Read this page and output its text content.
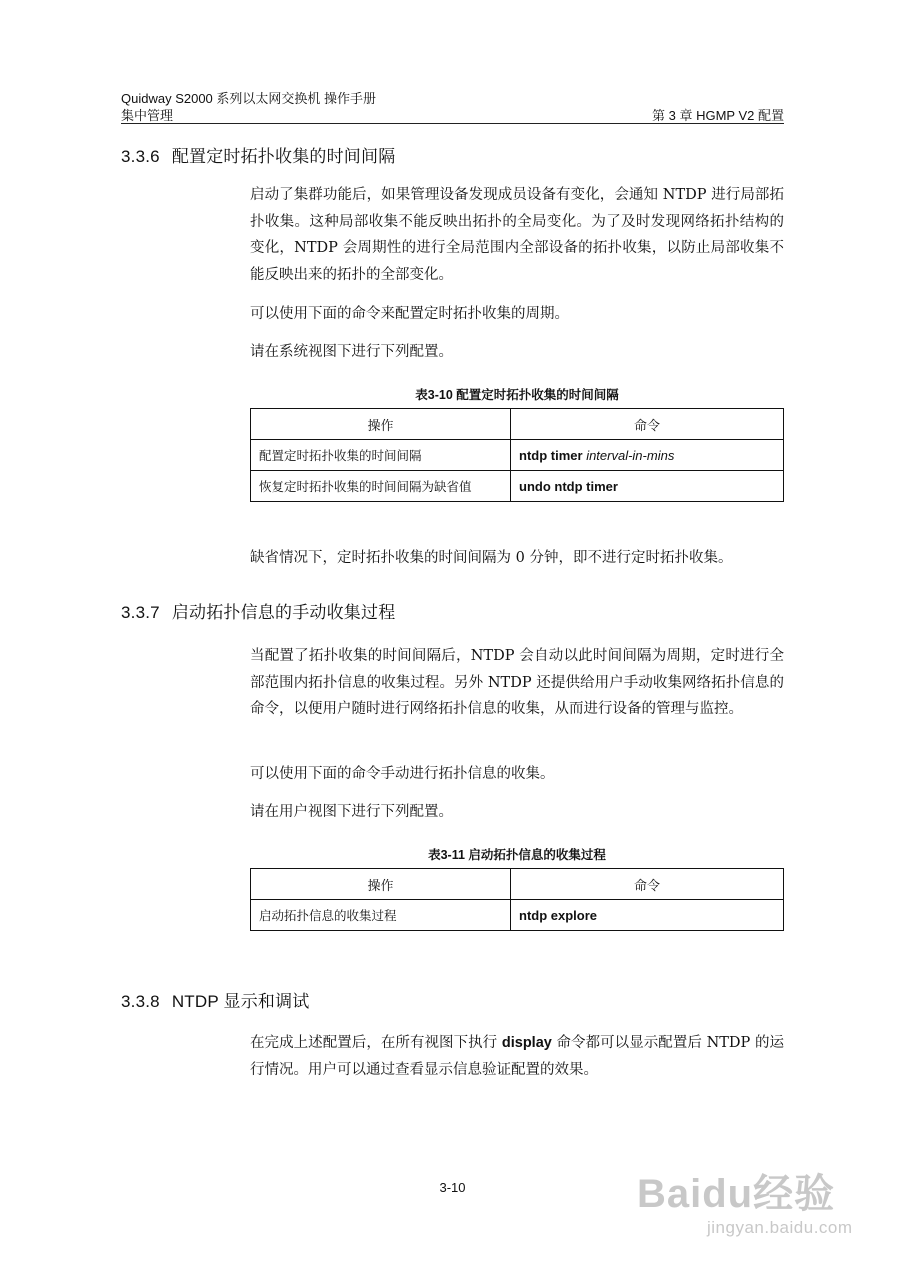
Quidway S2000 系列以太网交换机 操作手册
集中管理	第 3 章 HGMP V2 配置
3.3.6 配置定时拓扑收集的时间间隔

启动了集群功能后，如果管理设备发现成员设备有变化，会通知 NTDP 进行局部拓扑收集。这种局部收集不能反映出拓扑的全局变化。为了及时发现网络拓扑结构的变化，NTDP 会周期性的进行全局范围内全部设备的拓扑收集，以防止局部收集不能反映出来的拓扑的全部变化。

可以使用下面的命令来配置定时拓扑收集的周期。

请在系统视图下进行下列配置。

表3-10 配置定时拓扑收集的时间间隔
操作	命令
配置定时拓扑收集的时间间隔	ntdp timer interval-in-mins
恢复定时拓扑收集的时间间隔为缺省值	undo ntdp timer

缺省情况下，定时拓扑收集的时间间隔为 0 分钟，即不进行定时拓扑收集。

3.3.7 启动拓扑信息的手动收集过程

当配置了拓扑收集的时间间隔后，NTDP 会自动以此时间间隔为周期，定时进行全部范围内拓扑信息的收集过程。另外 NTDP 还提供给用户手动收集网络拓扑信息的命令，以便用户随时进行网络拓扑信息的收集，从而进行设备的管理与监控。

可以使用下面的命令手动进行拓扑信息的收集。

请在用户视图下进行下列配置。

表3-11 启动拓扑信息的收集过程
操作	命令
启动拓扑信息的收集过程	ntdp explore
3.3.8 NTDP 显示和调试

在完成上述配置后，在所有视图下执行 display 命令都可以显示配置后 NTDP 的运行情况。用户可以通过查看显示信息验证配置的效果。

3-10	Baidu经验
jingyan.baidu.com
